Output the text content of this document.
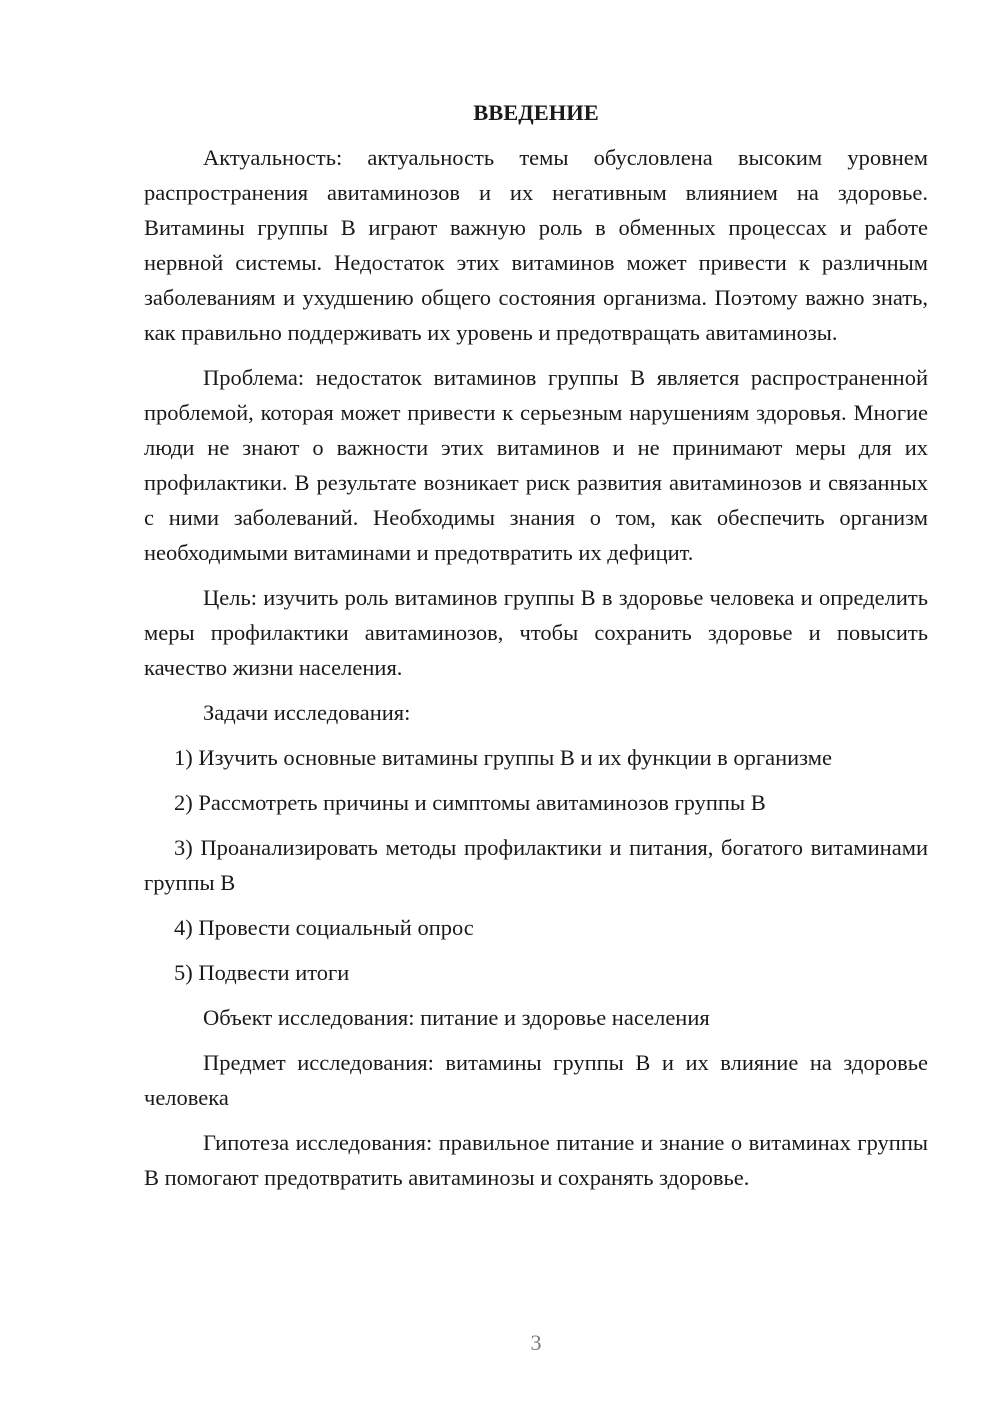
ВВЕДЕНИЕ

Актуальность: актуальность темы обусловлена высоким уровнем распространения авитаминозов и их негативным влиянием на здоровье. Витамины группы В играют важную роль в обменных процессах и работе нервной системы. Недостаток этих витаминов может привести к различным заболеваниям и ухудшению общего состояния организма. Поэтому важно знать, как правильно поддерживать их уровень и предотвращать авитаминозы.

Проблема: недостаток витаминов группы В является распространенной проблемой, которая может привести к серьезным нарушениям здоровья. Многие люди не знают о важности этих витаминов и не принимают меры для их профилактики. В результате возникает риск развития авитаминозов и связанных с ними заболеваний. Необходимы знания о том, как обеспечить организм необходимыми витаминами и предотвратить их дефицит.

Цель: изучить роль витаминов группы В в здоровье человека и определить меры профилактики авитаминозов, чтобы сохранить здоровье и повысить качество жизни населения.

Задачи исследования:

1) Изучить основные витамины группы В и их функции в организме

2) Рассмотреть причины и симптомы авитаминозов группы В

3) Проанализировать методы профилактики и питания, богатого витаминами группы В

4) Провести социальный опрос

5) Подвести итоги

Объект исследования: питание и здоровье населения

Предмет исследования: витамины группы В и их влияние на здоровье человека

Гипотеза исследования: правильное питание и знание о витаминах группы В помогают предотвратить авитаминозы и сохранять здоровье.

3
